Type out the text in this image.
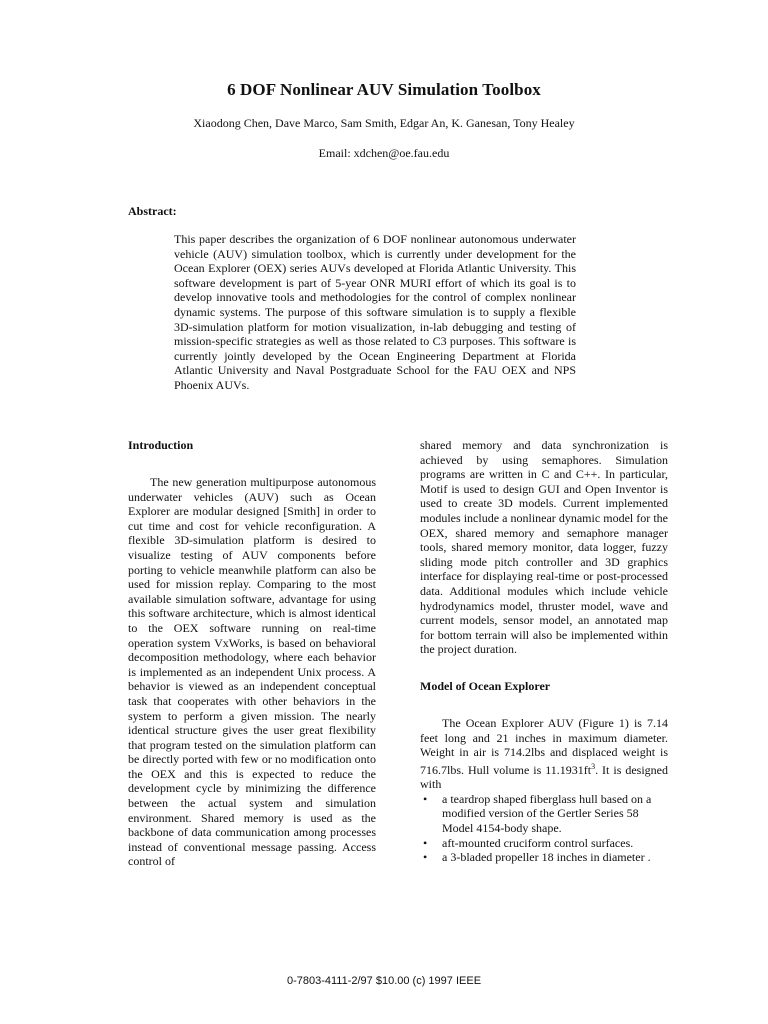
6 DOF Nonlinear AUV Simulation Toolbox
Xiaodong Chen, Dave Marco, Sam Smith, Edgar An, K. Ganesan, Tony Healey
Email: xdchen@oe.fau.edu
Abstract:

This paper describes the organization of 6 DOF nonlinear autonomous underwater vehicle (AUV) simulation toolbox, which is currently under development for the Ocean Explorer (OEX) series AUVs developed at Florida Atlantic University. This software development is part of 5-year ONR MURI effort of which its goal is to develop innovative tools and methodologies for the control of complex nonlinear dynamic systems. The purpose of this software simulation is to supply a flexible 3D-simulation platform for motion visualization, in-lab debugging and testing of mission-specific strategies as well as those related to C3 purposes. This software is currently jointly developed by the Ocean Engineering Department at Florida Atlantic University and Naval Postgraduate School for the FAU OEX and NPS Phoenix AUVs.

Introduction

The new generation multipurpose autonomous underwater vehicles (AUV) such as Ocean Explorer are modular designed [Smith] in order to cut time and cost for vehicle reconfiguration. A flexible 3D-simulation platform is desired to visualize testing of AUV components before porting to vehicle meanwhile platform can also be used for mission replay. Comparing to the most available simulation software, advantage for using this software architecture, which is almost identical to the OEX software running on real-time operation system VxWorks, is based on behavioral decomposition methodology, where each behavior is implemented as an independent Unix process. A behavior is viewed as an independent conceptual task that cooperates with other behaviors in the system to perform a given mission. The nearly identical structure gives the user great flexibility that program tested on the simulation platform can be directly ported with few or no modification onto the OEX and this is expected to reduce the development cycle by minimizing the difference between the actual system and simulation environment. Shared memory is used as the backbone of data communication among processes instead of conventional message passing. Access control of

shared memory and data synchronization is achieved by using semaphores. Simulation programs are written in C and C++. In particular, Motif is used to design GUI and Open Inventor is used to create 3D models. Current implemented modules include a nonlinear dynamic model for the OEX, shared memory and semaphore manager tools, shared memory monitor, data logger, fuzzy sliding mode pitch controller and 3D graphics interface for displaying real-time or post-processed data. Additional modules which include vehicle hydrodynamics model, thruster model, wave and current models, sensor model, an annotated map for bottom terrain will also be implemented within the project duration.

Model of Ocean Explorer

The Ocean Explorer AUV (Figure 1) is 7.14 feet long and 21 inches in maximum diameter. Weight in air is 714.2lbs and displaced weight is 716.7lbs. Hull volume is $11.1931ft^3$. It is designed with

• a teardrop shaped fiberglass hull based on a modified version of the Gertler Series 58 Model 4154-body shape.
• aft-mounted cruciform control surfaces.
• a 3-bladed propeller 18 inches in diameter .
0-7803-4111-2/97 $10.00 (c) 1997 IEEE
